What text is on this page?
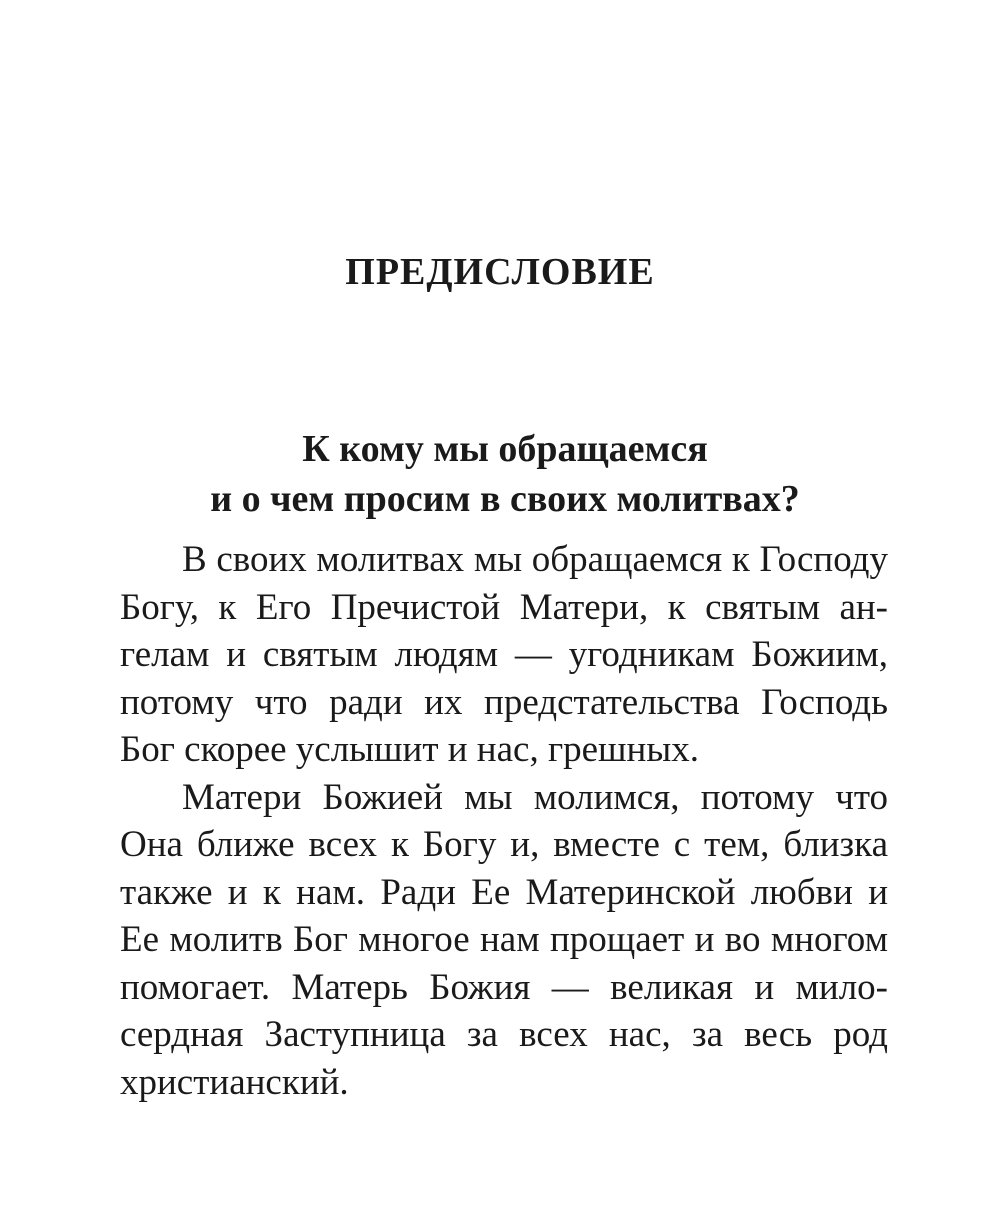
ПРЕДИСЛОВИЕ
К кому мы обращаемся
и о чем просим в своих молитвах?
В своих молитвах мы обращаемся к Господу
Богу, к Его Пречистой Матери, к святым ан-
гелам и святым людям — угодникам Божиим,
потому что ради их предстательства Господь
Бог скорее услышит и нас, грешных.
Матери Божией мы молимся, потому что
Она ближе всех к Богу и, вместе с тем, близка
также и к нам. Ради Ее Материнской любви и
Ее молитв Бог многое нам прощает и во многом
помогает. Матерь Божия — великая и мило-
сердная Заступница за всех нас, за весь род
христианский.
